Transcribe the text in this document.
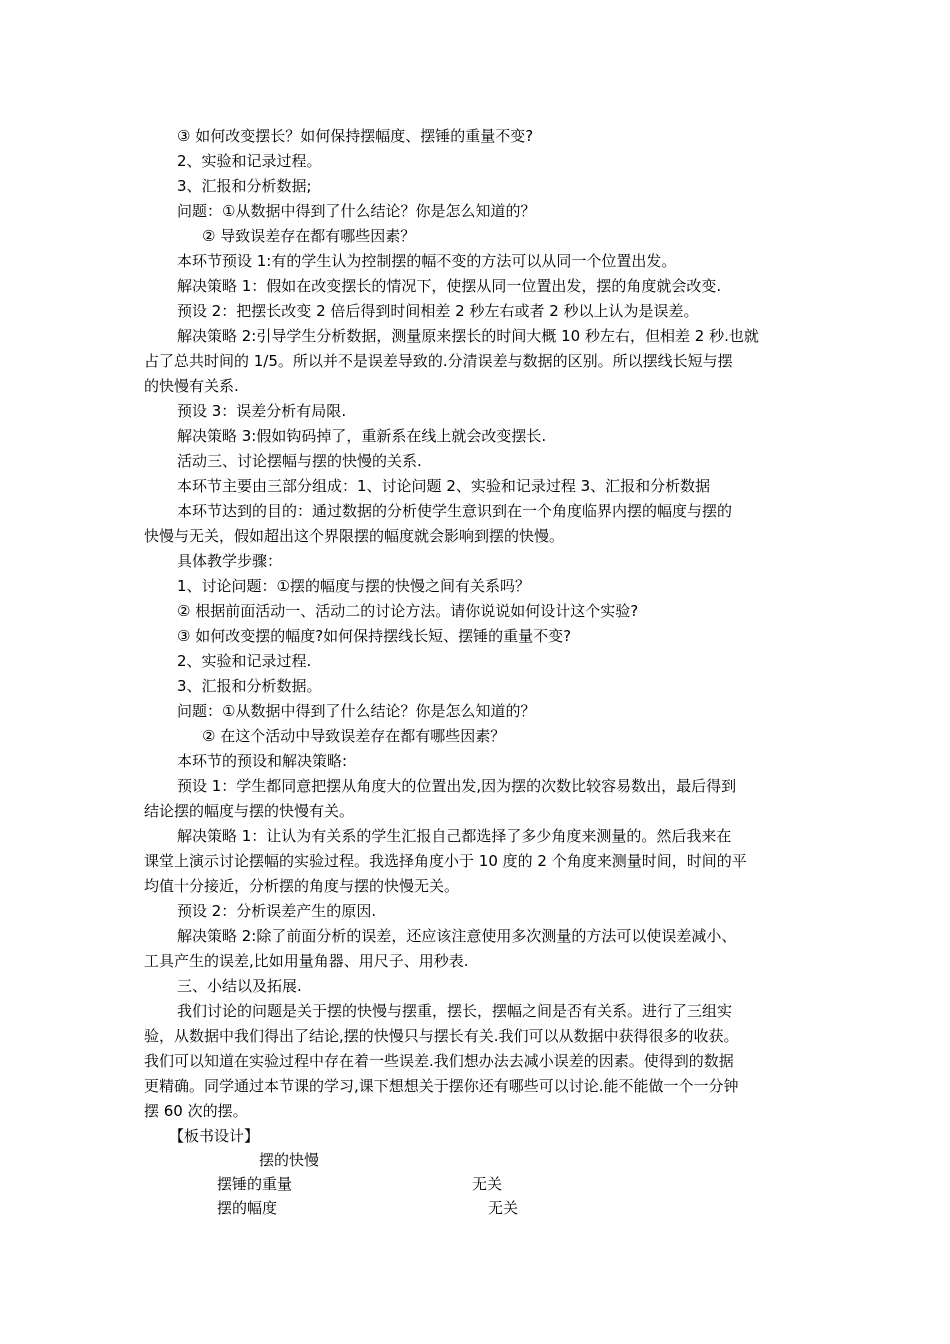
③ 如何改变摆长？如何保持摆幅度、摆锤的重量不变?
2、实验和记录过程。
3、汇报和分析数据;
问题：①从数据中得到了什么结论？你是怎么知道的？
② 导致误差存在都有哪些因素？
本环节预设 1:有的学生认为控制摆的幅不变的方法可以从同一个位置出发。
解决策略 1：假如在改变摆长的情况下，使摆从同一位置出发，摆的角度就会改变.
预设 2：把摆长改变 2 倍后得到时间相差 2 秒左右或者 2 秒以上认为是误差。
解决策略 2:引导学生分析数据，测量原来摆长的时间大概 10 秒左右，但相差 2 秒.也就
占了总共时间的 1/5。所以并不是误差导致的.分清误差与数据的区别。所以摆线长短与摆
的快慢有关系.
预设 3：误差分析有局限.
解决策略 3:假如钩码掉了，重新系在线上就会改变摆长.
活动三、讨论摆幅与摆的快慢的关系.
本环节主要由三部分组成：1、讨论问题 2、实验和记录过程 3、汇报和分析数据
本环节达到的目的：通过数据的分析使学生意识到在一个角度临界内摆的幅度与摆的
快慢与无关，假如超出这个界限摆的幅度就会影响到摆的快慢。
具体教学步骤：
1、讨论问题：①摆的幅度与摆的快慢之间有关系吗？
② 根据前面活动一、活动二的讨论方法。请你说说如何设计这个实验?
③ 如何改变摆的幅度?如何保持摆线长短、摆锤的重量不变?
2、实验和记录过程.
3、汇报和分析数据。
问题：①从数据中得到了什么结论？你是怎么知道的？
② 在这个活动中导致误差存在都有哪些因素？
本环节的预设和解决策略:
预设 1：学生都同意把摆从角度大的位置出发,因为摆的次数比较容易数出，最后得到
结论摆的幅度与摆的快慢有关。
解决策略 1：让认为有关系的学生汇报自己都选择了多少角度来测量的。然后我来在
课堂上演示讨论摆幅的实验过程。我选择角度小于 10 度的 2 个角度来测量时间，时间的平
均值十分接近，分析摆的角度与摆的快慢无关。
预设 2：分析误差产生的原因.
解决策略 2:除了前面分析的误差，还应该注意使用多次测量的方法可以使误差减小、
工具产生的误差,比如用量角器、用尺子、用秒表.
三、小结以及拓展.
我们讨论的问题是关于摆的快慢与摆重，摆长，摆幅之间是否有关系。进行了三组实
验，从数据中我们得出了结论,摆的快慢只与摆长有关.我们可以从数据中获得很多的收获。
我们可以知道在实验过程中存在着一些误差.我们想办法去减小误差的因素。使得到的数据
更精确。同学通过本节课的学习,课下想想关于摆你还有哪些可以讨论.能不能做一个一分钟
摆 60 次的摆。
【板书设计】
摆的快慢
摆锤的重量	无关
摆的幅度	无关
